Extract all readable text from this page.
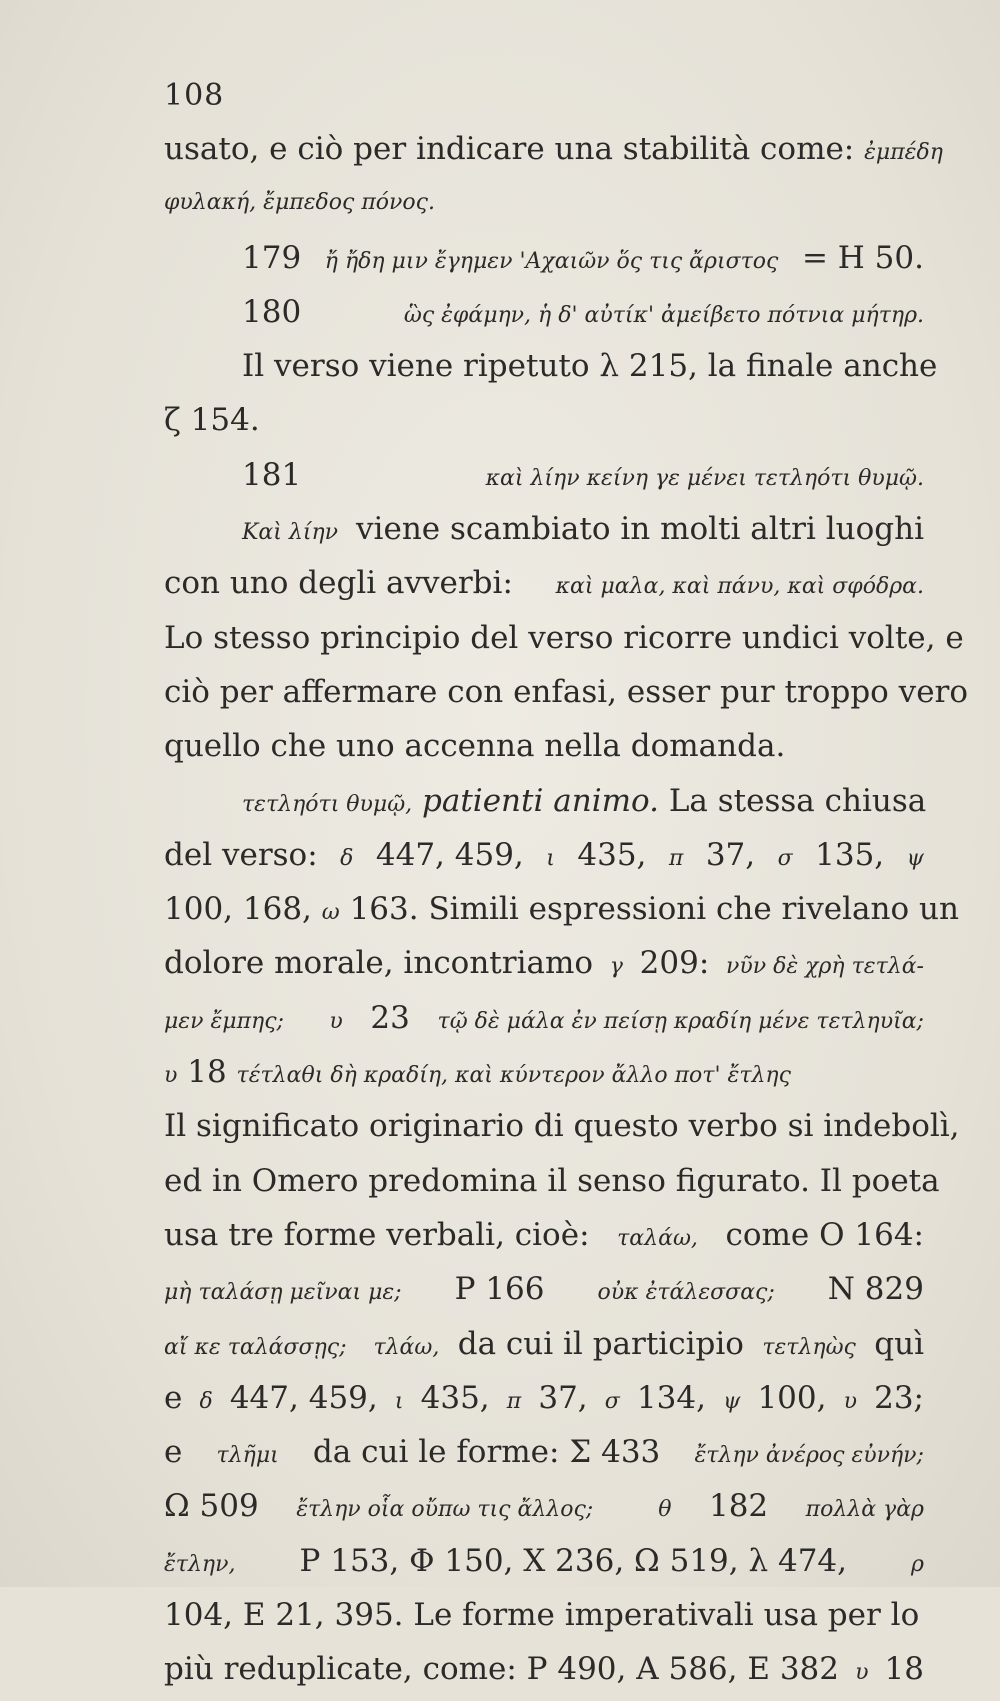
108
usato, e ciò per indicare una stabilità come: ἐμπέδη
φυλακή, ἔμπεδος πόνος.
179 ἤ ἤδη μιν ἔγημεν 'Αχαιῶν ὅς τις ἄριστος = H 50.
180	ὣς ἐφάμην, ἡ δ' αὐτίκ' ἀμείβετο πότνια μήτηρ.
Il verso viene ripetuto λ 215, la finale anche
ζ 154.
181	καὶ λίην κείνη γε μένει τετληότι θυμῷ.
Καὶ λίην viene scambiato in molti altri luoghi
con uno degli avverbi: καὶ μαλα, καὶ πάνυ, καὶ σφόδρα.
Lo stesso principio del verso ricorre undici volte, e
ciò per affermare con enfasi, esser pur troppo vero
quello che uno accenna nella domanda.
τετληότι θυμῷ,
patienti animo. La stessa chiusa
del verso: δ 447, 459, ι 435, π 37, σ 135, ψ
100, 168, ω 163. Simili espressioni che rivelano un
dolore morale, incontriamo γ 209: νῦν δὲ χρὴ τετλά-
μεν ἔμπης;
υ 23 τῷ δὲ μάλα ἐν πείσῃ κραδίη μένε τετληυῖα;
υ 18 τέτλαθι δὴ κραδίη, καὶ κύντερον ἄλλο ποτ' ἔτλης
Il significato originario di questo verbo si indebolì,
ed in Omero predomina il senso figurato. Il poeta
usa tre forme verbali, cioè: ταλάω, come O 164:
μὴ ταλάσῃ μεῖναι με; P 166 οὐκ ἐτάλεσσας; N 829
αἴ κε ταλάσσῃς;
τλάω, da cui il participio τετληὼς quì
e δ 447, 459, ι 435, π 37, σ 134, ψ 100, υ 23;
e τλῆμι da cui le forme: Σ 433 ἔτλην ἀνέρος εὐνήν;
Ω 509 ἔτλην οἷα οὔπω τις ἄλλος;
	θ 182 πολλὰ γὰρ
ἔτλην, P 153, Φ 150, X 236, Ω 519, λ 474, ρ
104, E 21, 395. Le forme imperativali usa per lo
più reduplicate, come: P 490, A 586, E 382 υ 18
